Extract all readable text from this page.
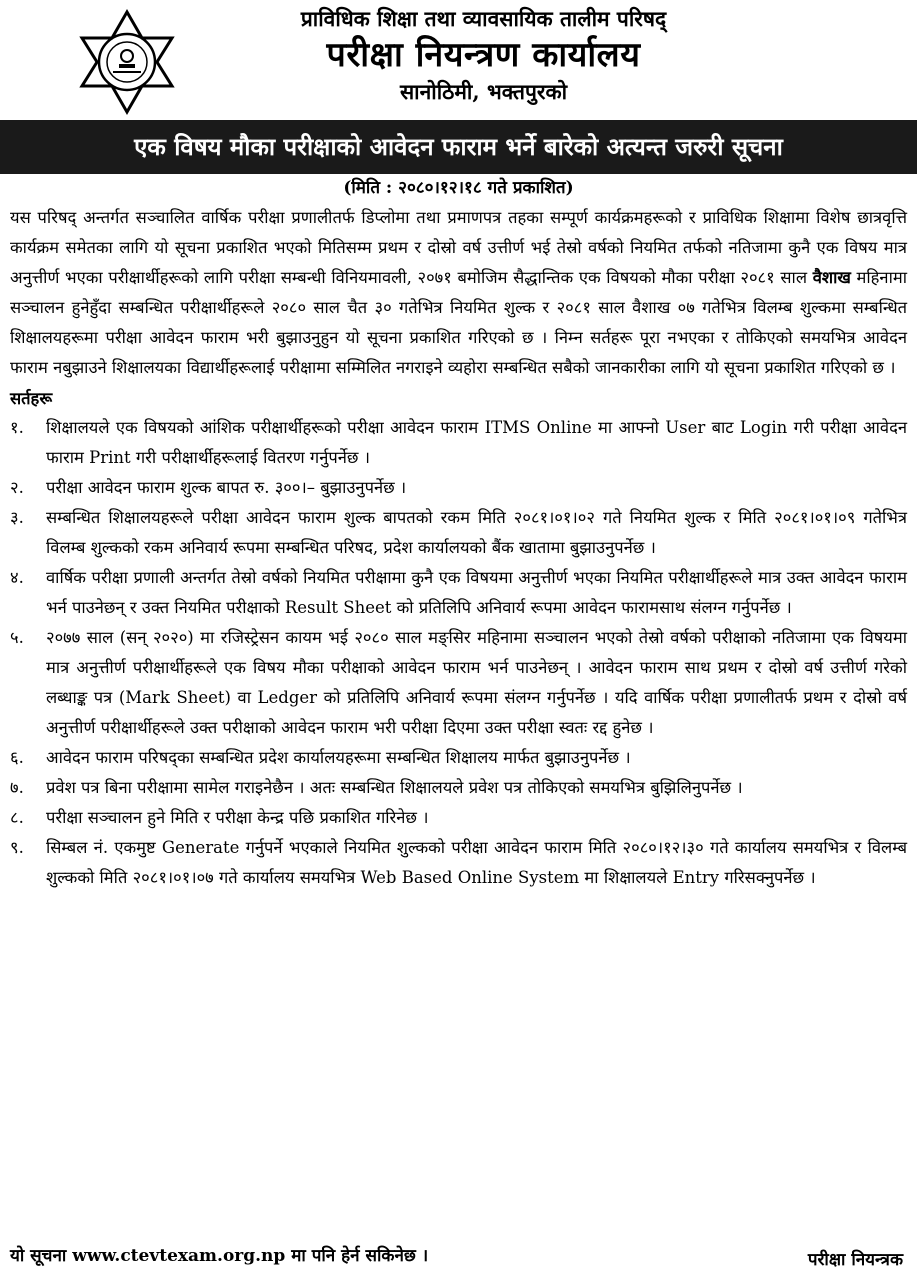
प्राविधिक शिक्षा तथा व्यावसायिक तालीम परिषद्
परीक्षा नियन्त्रण कार्यालय
सानोठिमी, भक्तपुरको
एक विषय मौका परीक्षाको आवेदन फाराम भर्ने बारेको अत्यन्त जरुरी सूचना
(मिति : २०८०।१२।१८ गते प्रकाशित)

यस परिषद् अन्तर्गत सञ्चालित वार्षिक परीक्षा प्रणालीतर्फ डिप्लोमा तथा प्रमाणपत्र तहका सम्पूर्ण कार्यक्रमहरूको र प्राविधिक शिक्षामा विशेष छात्रवृत्ति कार्यक्रम समेतका लागि यो सूचना प्रकाशित भएको मितिसम्म प्रथम र दोस्रो वर्ष उत्तीर्ण भई तेस्रो वर्षको नियमित तर्फको नतिजामा कुनै एक विषय मात्र अनुत्तीर्ण भएका परीक्षार्थीहरूको लागि परीक्षा सम्बन्धी विनियमावली, २०७१ बमोजिम सैद्धान्तिक एक विषयको मौका परीक्षा २०८१ साल वैशाख महिनामा सञ्चालन हुनेहुँदा सम्बन्धित परीक्षार्थीहरूले २०८० साल चैत ३० गतेभित्र नियमित शुल्क र २०८१ साल वैशाख ०७ गतेभित्र विलम्ब शुल्कमा सम्बन्धित शिक्षालयहरूमा परीक्षा आवेदन फाराम भरी बुझाउनुहुन यो सूचना प्रकाशित गरिएको छ । निम्न सर्तहरू पूरा नभएका र तोकिएको समयभित्र आवेदन फाराम नबुझाउने शिक्षालयका विद्यार्थीहरूलाई परीक्षामा सम्मिलित नगराइने व्यहोरा सम्बन्धित सबैको जानकारीका लागि यो सूचना प्रकाशित गरिएको छ ।

सर्तहरू
१.	शिक्षालयले एक विषयको आंशिक परीक्षार्थीहरूको परीक्षा आवेदन फाराम ITMS Online मा आफ्नो User बाट Login गरी परीक्षा आवेदन फाराम Print गरी परीक्षार्थीहरूलाई वितरण गर्नुपर्नेछ ।
२.	परीक्षा आवेदन फाराम शुल्क बापत रु. ३००।– बुझाउनुपर्नेछ ।
३.	सम्बन्धित शिक्षालयहरूले परीक्षा आवेदन फाराम शुल्क बापतको रकम मिति २०८१।०१।०२ गते नियमित शुल्क र मिति २०८१।०१।०९ गतेभित्र विलम्ब शुल्कको रकम अनिवार्य रूपमा सम्बन्धित परिषद, प्रदेश कार्यालयको बैंक खातामा बुझाउनुपर्नेछ ।
४.	वार्षिक परीक्षा प्रणाली अन्तर्गत तेस्रो वर्षको नियमित परीक्षामा कुनै एक विषयमा अनुत्तीर्ण भएका नियमित परीक्षार्थीहरूले मात्र उक्त आवेदन फाराम भर्न पाउनेछन् र उक्त नियमित परीक्षाको Result Sheet को प्रतिलिपि अनिवार्य रूपमा आवेदन फारामसाथ संलग्न गर्नुपर्नेछ ।
५.	२०७७ साल (सन् २०२०) मा रजिस्ट्रेसन कायम भई २०८० साल मङ्सिर महिनामा सञ्चालन भएको तेस्रो वर्षको परीक्षाको नतिजामा एक विषयमा मात्र अनुत्तीर्ण परीक्षार्थीहरूले एक विषय मौका परीक्षाको आवेदन फाराम भर्न पाउनेछन् । आवेदन फाराम साथ प्रथम र दोस्रो वर्ष उत्तीर्ण गरेको लब्धाङ्क पत्र (Mark Sheet) वा Ledger को प्रतिलिपि अनिवार्य रूपमा संलग्न गर्नुपर्नेछ । यदि वार्षिक परीक्षा प्रणालीतर्फ प्रथम र दोस्रो वर्ष अनुत्तीर्ण परीक्षार्थीहरूले उक्त परीक्षाको आवेदन फाराम भरी परीक्षा दिएमा उक्त परीक्षा स्वतः रद्द हुनेछ ।
६.	आवेदन फाराम परिषद्का सम्बन्धित प्रदेश कार्यालयहरूमा सम्बन्धित शिक्षालय मार्फत बुझाउनुपर्नेछ ।
७.	प्रवेश पत्र बिना परीक्षामा सामेल गराइनेछैन । अतः सम्बन्धित शिक्षालयले प्रवेश पत्र तोकिएको समयभित्र बुझिलिनुपर्नेछ ।
८.	परीक्षा सञ्चालन हुने मिति र परीक्षा केन्द्र पछि प्रकाशित गरिनेछ ।
९.	सिम्बल नं. एकमुष्ट Generate गर्नुपर्ने भएकाले नियमित शुल्कको परीक्षा आवेदन फाराम मिति २०८०।१२।३० गते कार्यालय समयभित्र र विलम्ब शुल्कको मिति २०८१।०१।०७ गते कार्यालय समयभित्र Web Based Online System मा शिक्षालयले Entry गरिसक्नुपर्नेछ ।
यो सूचना www.ctevtexam.org.np मा पनि हेर्न सकिनेछ ।	परीक्षा नियन्त्रक
